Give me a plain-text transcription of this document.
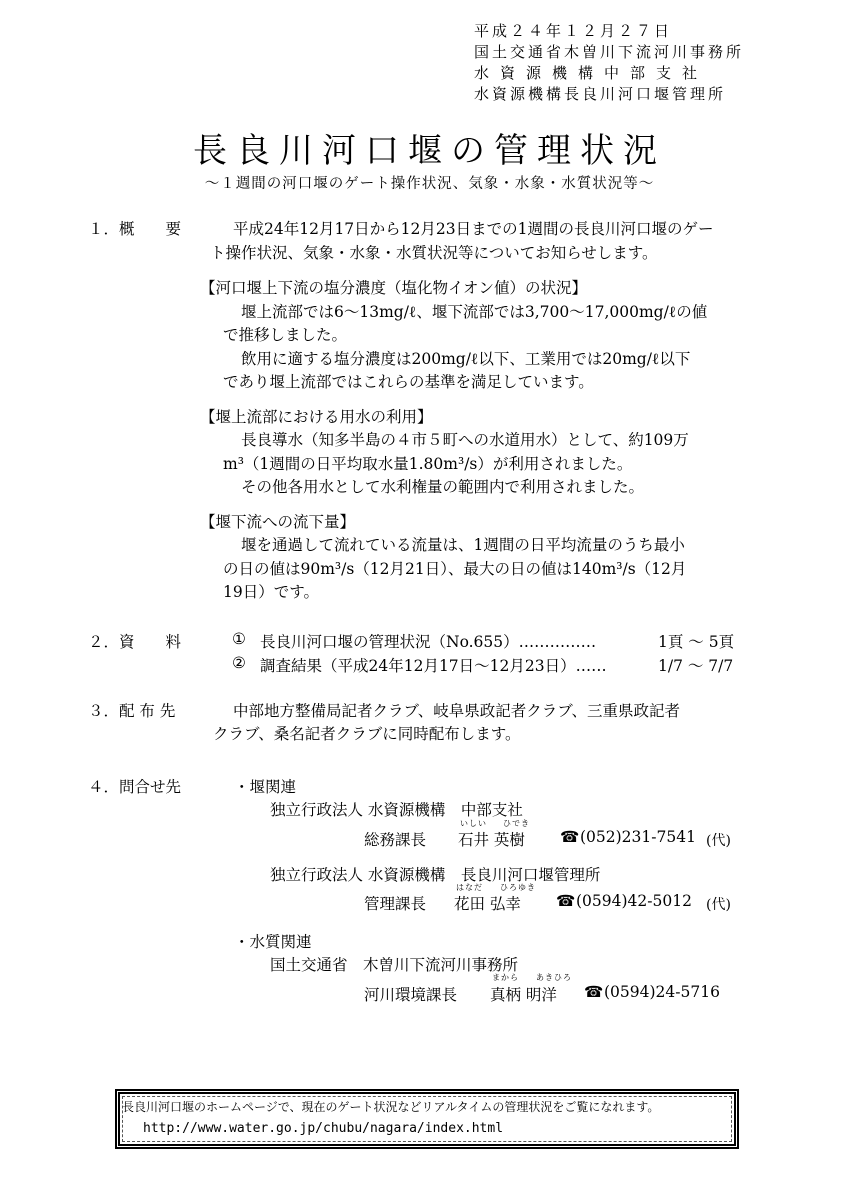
平成２４年１２月２７日
国土交通省木曽川下流河川事務所
水資源機構中部支社
水資源機構長良川河口堰管理所
長良川河口堰の管理状況
～１週間の河口堰のゲート操作状況、気象・水象・水質状況等～
１．概　　要	平成24年12月17日から12月23日までの1週間の長良川河口堰のゲー
ト操作状況、気象・水象・水質状況等についてお知らせします。
【河口堰上下流の塩分濃度（塩化物イオン値）の状況】
堰上流部では6～13mg/ℓ、堰下流部では3,700～17,000mg/ℓの値
で推移しました。
飲用に適する塩分濃度は200mg/ℓ以下、工業用では20mg/ℓ以下
であり堰上流部ではこれらの基準を満足しています。
【堰上流部における用水の利用】
長良導水（知多半島の４市５町への水道用水）として、約109万
m³（1週間の日平均取水量1.80m³/s）が利用されました。
その他各用水として水利権量の範囲内で利用されました。
【堰下流への流下量】
堰を通過して流れている流量は、1週間の日平均流量のうち最小
の日の値は90m³/s（12月21日）、最大の日の値は140m³/s（12月
19日）です。
２．資　　料	① 長良川河口堰の管理状況（No.655）……………	1頁 ～ 5頁
② 調査結果（平成24年12月17日～12月23日）……	1/7 ～ 7/7
３．配 布 先	中部地方整備局記者クラブ、岐阜県政記者クラブ、三重県政記者
クラブ、桑名記者クラブに同時配布します。
４．問合せ先	・堰関連
独立行政法人 水資源機構　中部支社
いしい ひでき
総務課長 石井 英樹 ☎ (052)231-7541 (代)
独立行政法人 水資源機構　長良川河口堰管理所
はなだ ひろゆき
管理課長 花田 弘幸 ☎ (0594)42-5012 (代)
・水質関連
国土交通省　木曽川下流河川事務所
まから あきひろ
河川環境課長 真柄 明洋 ☎ (0594)24-5716
長良川河口堰のホームページで、現在のゲート状況などリアルタイムの管理状況をご覧になれます。
http://www.water.go.jp/chubu/nagara/index.html
